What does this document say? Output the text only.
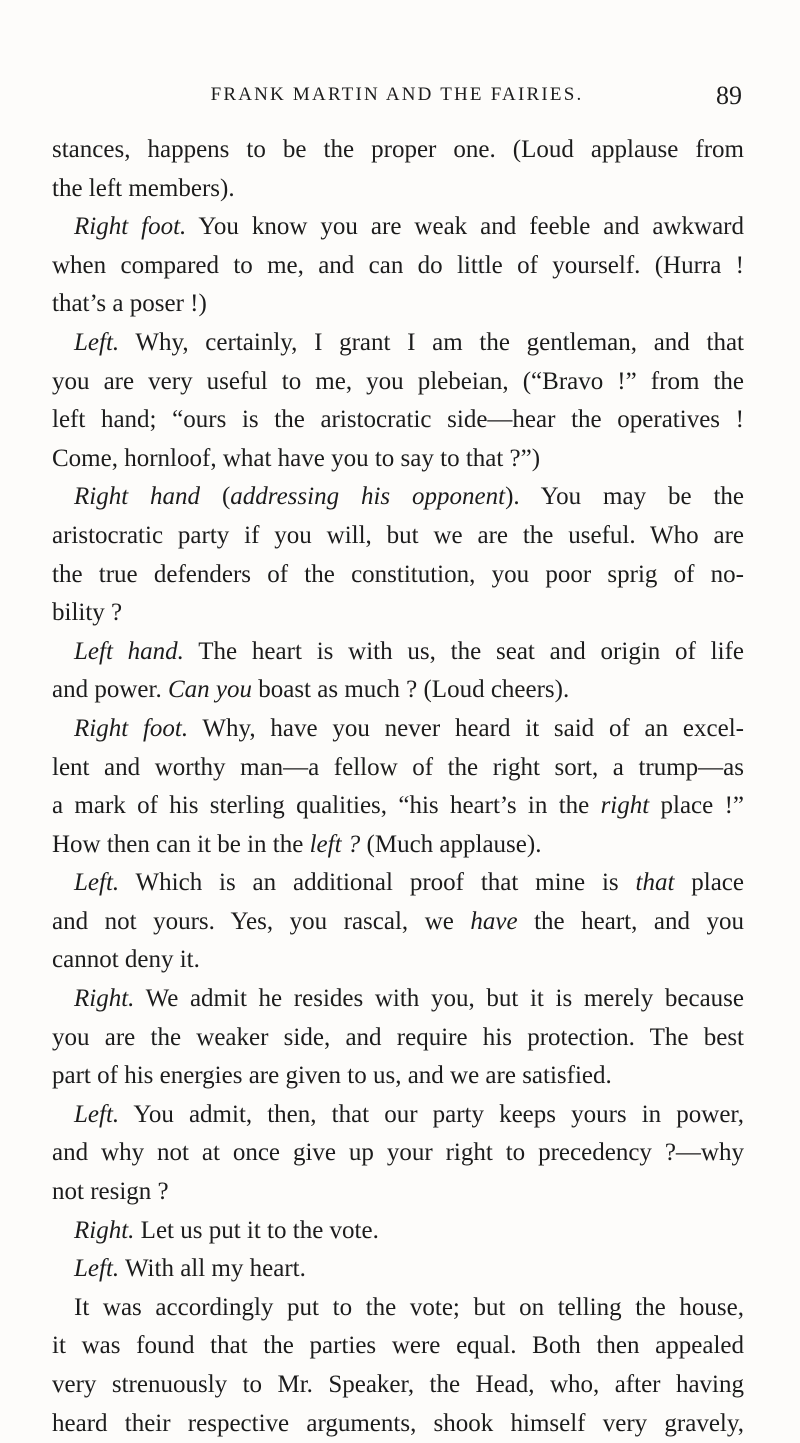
FRANK MARTIN AND THE FAIRIES.	89
stances, happens to be the proper one. (Loud applause from
the left members).
Right foot. You know you are weak and feeble and awkward
when compared to me, and can do little of yourself. (Hurra !
that’s a poser !)
Left. Why, certainly, I grant I am the gentleman, and that
you are very useful to me, you plebeian, (“Bravo !” from the
left hand; “ours is the aristocratic side—hear the operatives !
Come, hornloof, what have you to say to that ?”)
Right hand (addressing his opponent). You may be the
aristocratic party if you will, but we are the useful. Who are
the true defenders of the constitution, you poor sprig of no-
bility ?
Left hand. The heart is with us, the seat and origin of life
and power. Can you boast as much ? (Loud cheers).
Right foot. Why, have you never heard it said of an excel-
lent and worthy man—a fellow of the right sort, a trump—as
a mark of his sterling qualities, “his heart’s in the right place !”
How then can it be in the left ? (Much applause).
Left. Which is an additional proof that mine is that place
and not yours. Yes, you rascal, we have the heart, and you
cannot deny it.
Right. We admit he resides with you, but it is merely because
you are the weaker side, and require his protection. The best
part of his energies are given to us, and we are satisfied.
Left. You admit, then, that our party keeps yours in power,
and why not at once give up your right to precedency ?—why
not resign ?
Right. Let us put it to the vote.
Left. With all my heart.
It was accordingly put to the vote; but on telling the house,
it was found that the parties were equal. Both then appealed
very strenuously to Mr. Speaker, the Head, who, after having
heard their respective arguments, shook himself very gravely,
